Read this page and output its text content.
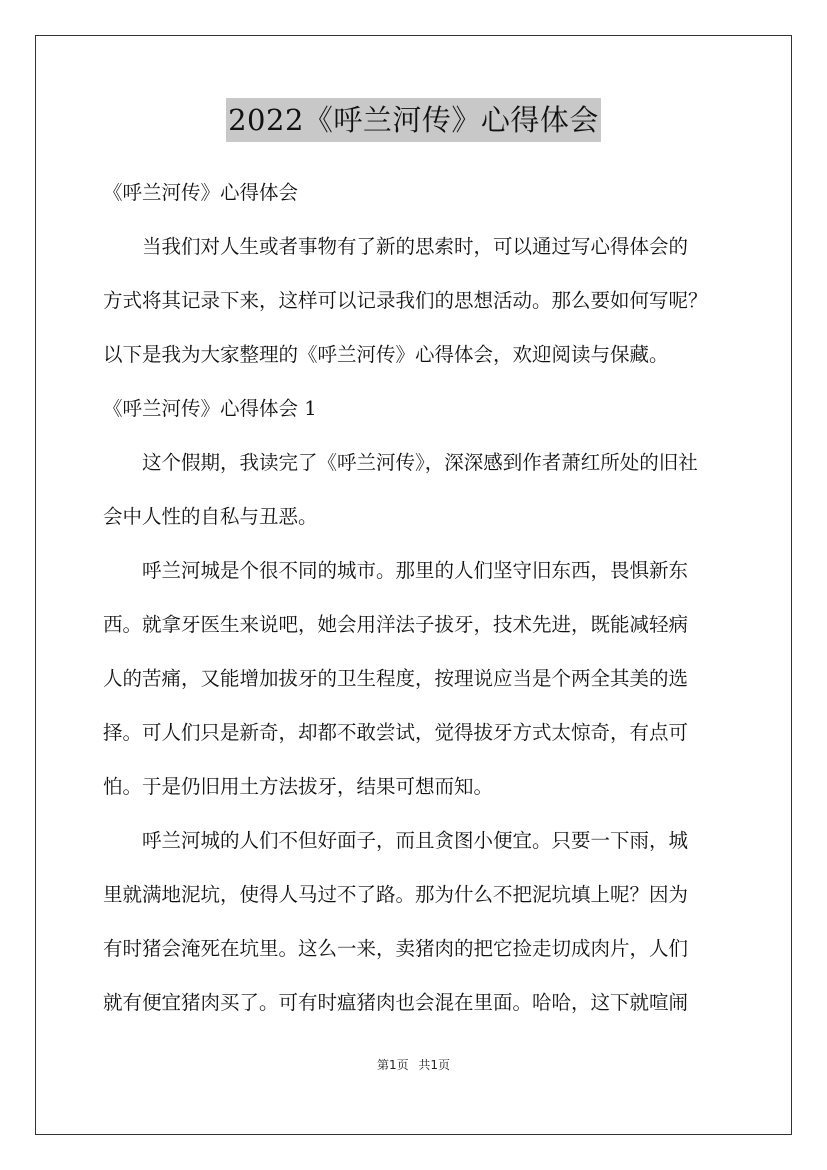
2022《呼兰河传》心得体会
《呼兰河传》心得体会
　　当我们对人生或者事物有了新的思索时，可以通过写心得体会的
方式将其记录下来，这样可以记录我们的思想活动。那么要如何写呢？
以下是我为大家整理的《呼兰河传》心得体会，欢迎阅读与保藏。
《呼兰河传》心得体会 1
　　这个假期，我读完了《呼兰河传》，深深感到作者萧红所处的旧社
会中人性的自私与丑恶。
　　呼兰河城是个很不同的城市。那里的人们坚守旧东西，畏惧新东
西。就拿牙医生来说吧，她会用洋法子拔牙，技术先进，既能减轻病
人的苦痛，又能增加拔牙的卫生程度，按理说应当是个两全其美的选
择。可人们只是新奇，却都不敢尝试，觉得拔牙方式太惊奇，有点可
怕。于是仍旧用土方法拔牙，结果可想而知。
　　呼兰河城的人们不但好面子，而且贪图小便宜。只要一下雨，城
里就满地泥坑，使得人马过不了路。那为什么不把泥坑填上呢？因为
有时猪会淹死在坑里。这么一来，卖猪肉的把它捡走切成肉片，人们
就有便宜猪肉买了。可有时瘟猪肉也会混在里面。哈哈，这下就喧闹
第1页 共1页
